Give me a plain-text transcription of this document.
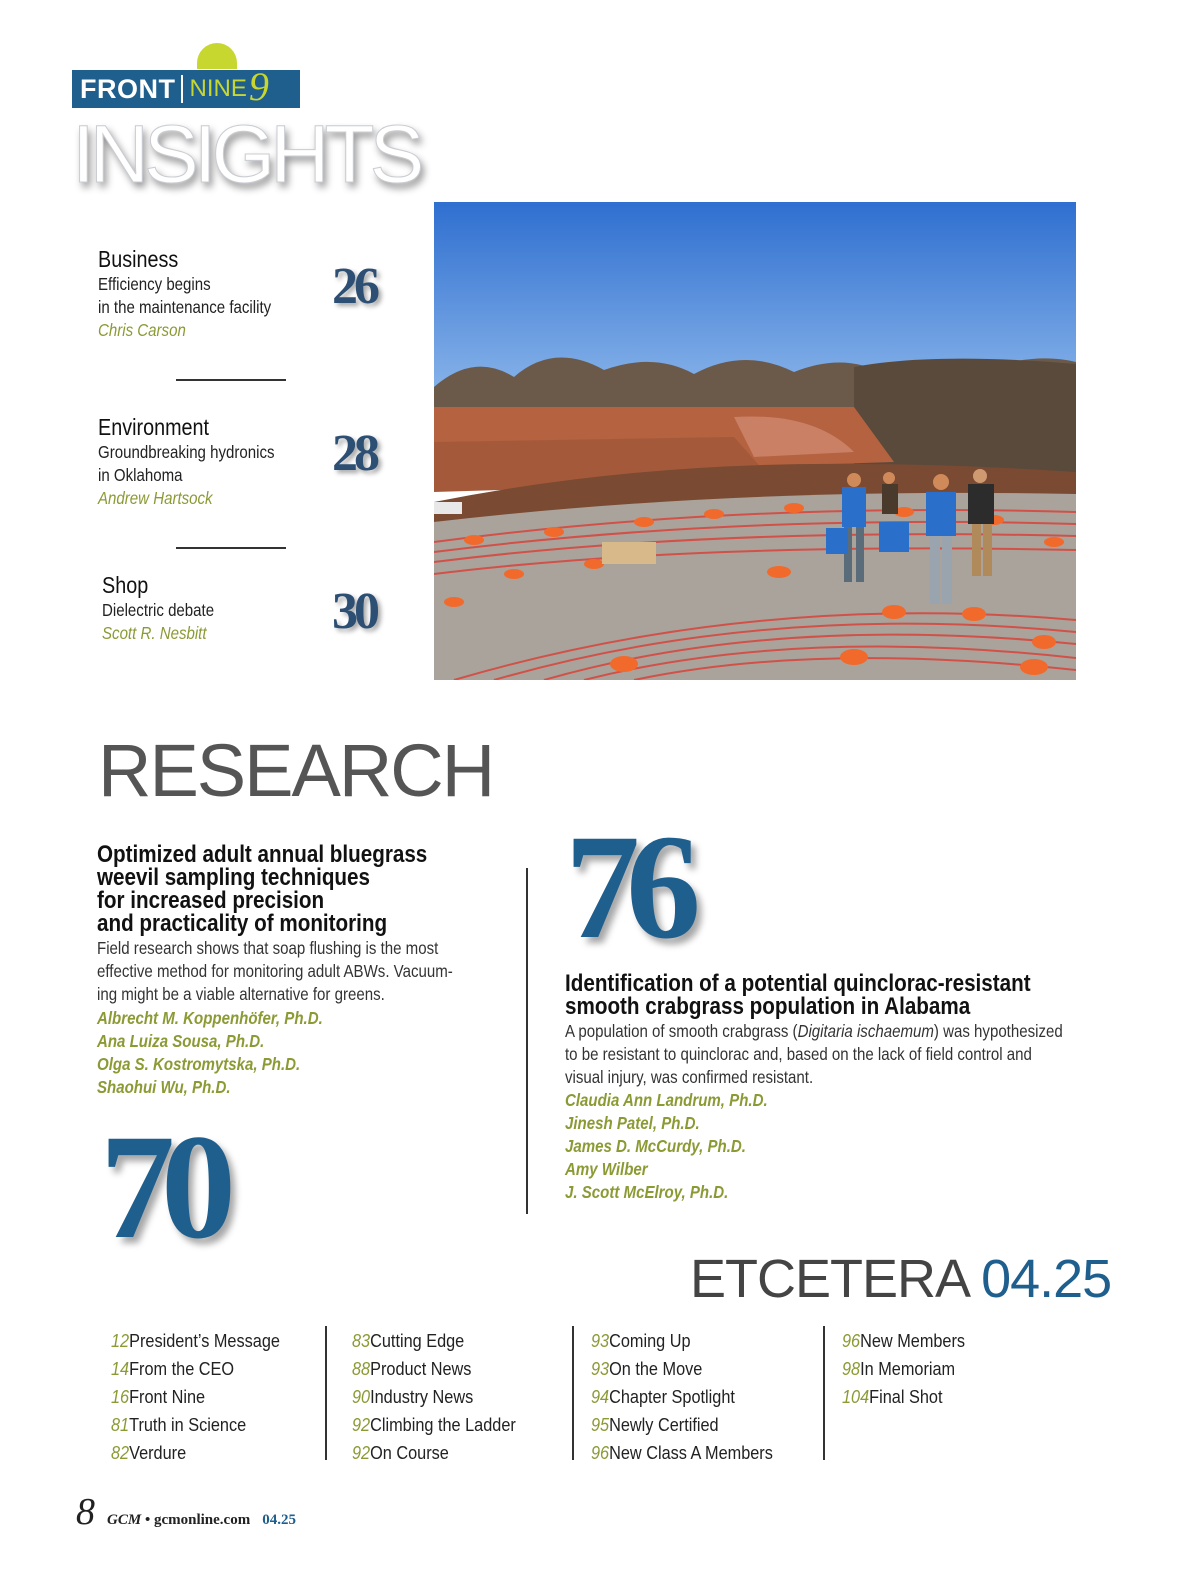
FRONT NINE 9
INSIGHTS
Business
Efficiency begins
in the maintenance facility
Chris Carson
26
Environment
Groundbreaking hydronics
in Oklahoma
Andrew Hartsock
28
Shop
Dielectric debate
Scott R. Nesbitt	30
RESEARCH
Optimized adult annual bluegrass
weevil sampling techniques
for increased precision
and practicality of monitoring
Field research shows that soap flushing is the most
effective method for monitoring adult ABWs. Vacuum-
ing might be a viable alternative for greens.
Albrecht M. Koppenhöfer, Ph.D.
Ana Luiza Sousa, Ph.D.
Olga S. Kostromytska, Ph.D.
Shaohui Wu, Ph.D.
70
76
Identification of a potential quinclorac-resistant
smooth crabgrass population in Alabama
A population of smooth crabgrass (Digitaria ischaemum) was hypothesized
to be resistant to quinclorac and, based on the lack of field control and
visual injury, was confirmed resistant.
Claudia Ann Landrum, Ph.D.
Jinesh Patel, Ph.D.
James D. McCurdy, Ph.D.
Amy Wilber
J. Scott McElroy, Ph.D.
ETCETERA 04.25
12President’s Message
14From the CEO
16Front Nine
81Truth in Science
82Verdure
83Cutting Edge
88Product News
90Industry News
92Climbing the Ladder
92On Course
93Coming Up
93On the Move
94Chapter Spotlight
95Newly Certified
96New Class A Members
96New Members
98In Memoriam
104Final Shot
8 GCM • gcmonline.com 04.25
